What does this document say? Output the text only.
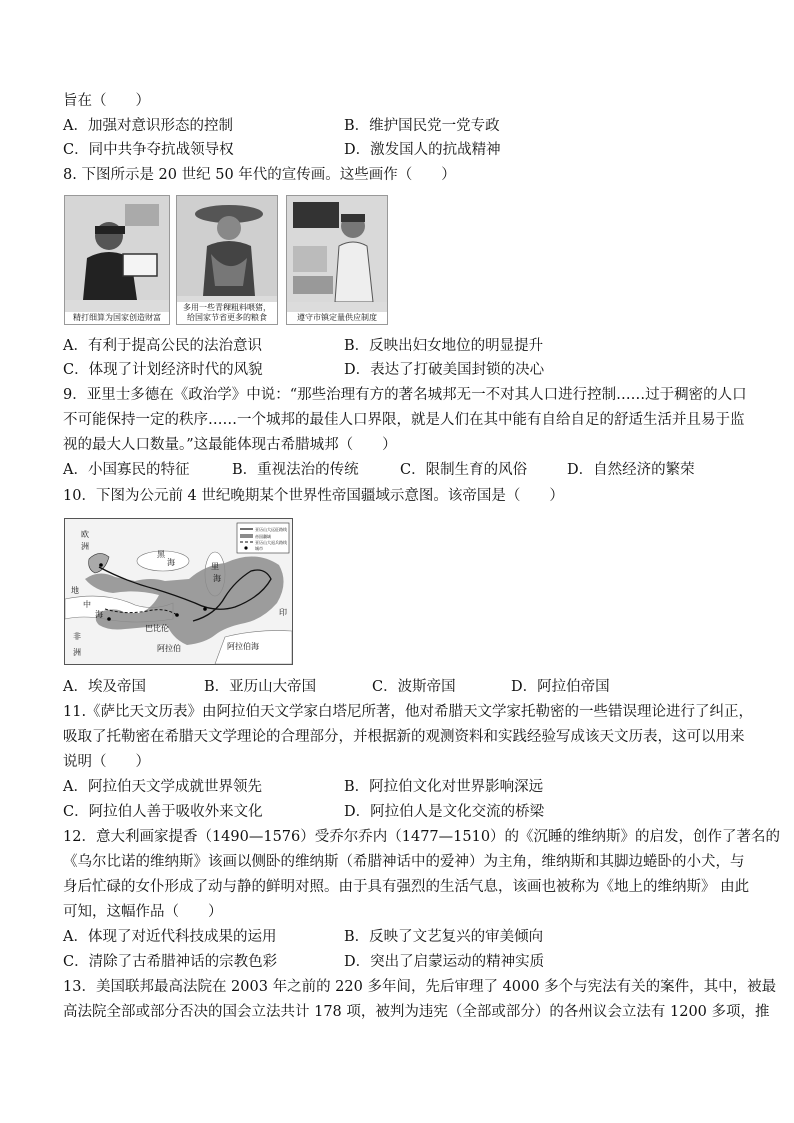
旨在（　　）
A．加强对意识形态的控制	B．维护国民党一党专政
C．同中共争夺抗战领导权	D．激发国人的抗战精神
8. 下图所示是 20 世纪 50 年代的宣传画。这些画作（　　）
精打细算为国家创造财富
多用一些青稞粗料喂猪，
给国家节省更多的粮食	遵守市镇定量供应制度
A．有利于提高公民的法治意识	B．反映出妇女地位的明显提升
C．体现了计划经济时代的风貌	D．表达了打破美国封锁的决心
9．亚里士多德在《政治学》中说：“那些治理有方的著名城邦无一不对其人口进行控制……过于稠密的人口
不可能保持一定的秩序……一个城邦的最佳人口界限，就是人们在其中能有自给自足的舒适生活并且易于监
视的最大人口数量。”这最能体现古希腊城邦（　　）
A．小国寡民的特征	B．重视法治的传统	C．限制生育的风俗	D．自然经济的繁荣
10．下图为公元前 4 世纪晚期某个世界性帝国疆域示意图。该帝国是（　　）
亚历山大远征路线
帝国疆域
亚历山大退兵路线
城市
欧
洲
地
中
海
非
洲	阿拉伯
巴比伦
黑
海	里
海
阿拉伯海
印
A．埃及帝国	B．亚历山大帝国	C．波斯帝国	D．阿拉伯帝国
11.《萨比天文历表》由阿拉伯天文学家白塔尼所著，他对希腊天文学家托勒密的一些错误理论进行了纠正，
吸取了托勒密在希腊天文学理论的合理部分，并根据新的观测资料和实践经验写成该天文历表，这可以用来
说明（　　）
A．阿拉伯天文学成就世界领先	B．阿拉伯文化对世界影响深远
C．阿拉伯人善于吸收外来文化	D．阿拉伯人是文化交流的桥梁
12．意大利画家提香（1490—1576）受乔尔乔内（1477—1510）的《沉睡的维纳斯》的启发，创作了著名的
《乌尔比诺的维纳斯》该画以侧卧的维纳斯（希腊神话中的爱神）为主角，维纳斯和其脚边蜷卧的小犬，与
身后忙碌的女仆形成了动与静的鲜明对照。由于具有强烈的生活气息，该画也被称为《地上的维纳斯》 由此
可知，这幅作品（　　）
A．体现了对近代科技成果的运用	B．反映了文艺复兴的审美倾向
C．清除了古希腊神话的宗教色彩	D．突出了启蒙运动的精神实质
13．美国联邦最高法院在 2003 年之前的 220 多年间，先后审理了 4000 多个与宪法有关的案件，其中，被最
高法院全部或部分否决的国会立法共计 178 项，被判为违宪（全部或部分）的各州议会立法有 1200 多项，推
